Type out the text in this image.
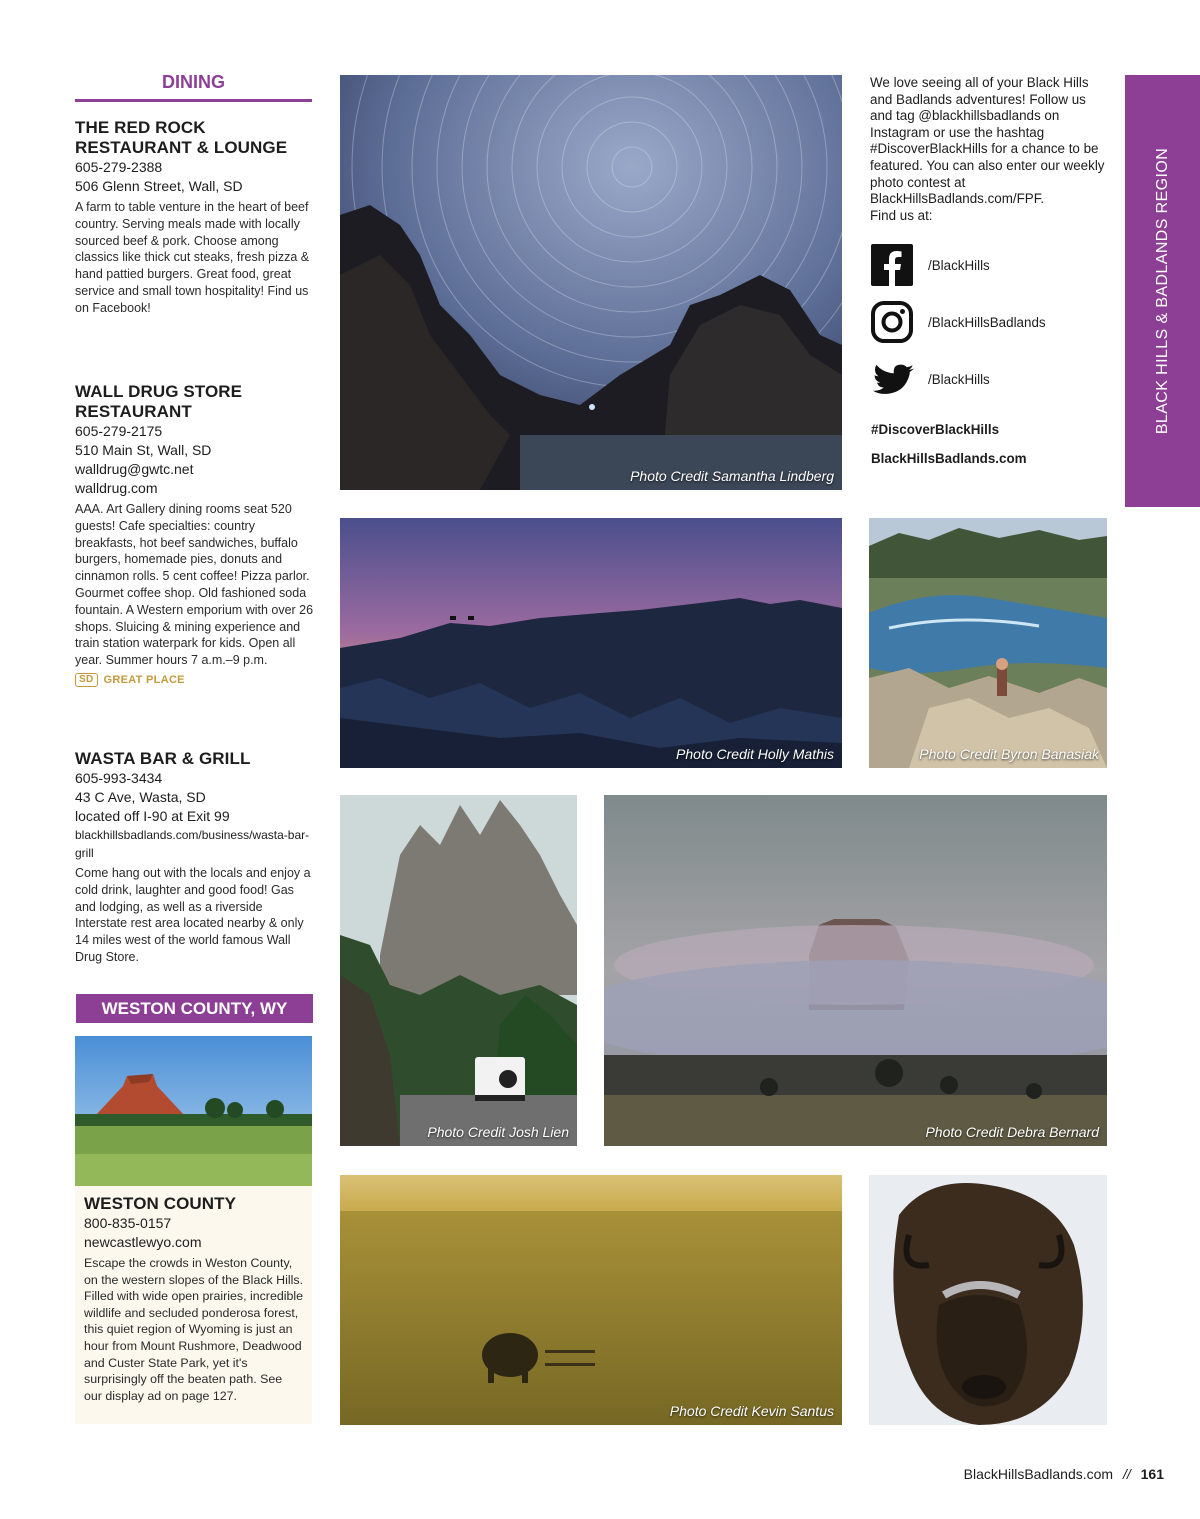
DINING
THE RED ROCK RESTAURANT & LOUNGE
605-279-2388
506 Glenn Street, Wall, SD
A farm to table venture in the heart of beef country. Serving meals made with locally sourced beef & pork. Choose among classics like thick cut steaks, fresh pizza & hand pattied burgers. Great food, great service and small town hospitality! Find us on Facebook!
WALL DRUG STORE RESTAURANT
605-279-2175
510 Main St, Wall, SD
walldrug@gwtc.net
walldrug.com
AAA. Art Gallery dining rooms seat 520 guests! Cafe specialties: country breakfasts, hot beef sandwiches, buffalo burgers, homemade pies, donuts and cinnamon rolls. 5 cent coffee! Pizza parlor. Gourmet coffee shop. Old fashioned soda fountain. A Western emporium with over 26 shops. Sluicing & mining experience and train station waterpark for kids. Open all year. Summer hours 7 a.m.–9 p.m.
SD GREAT PLACE
WASTA BAR & GRILL
605-993-3434
43 C Ave, Wasta, SD
located off I-90 at Exit 99
blackhillsbadlands.com/business/wasta-bar-grill
Come hang out with the locals and enjoy a cold drink, laughter and good food! Gas and lodging, as well as a riverside Interstate rest area located nearby & only 14 miles west of the world famous Wall Drug Store.
WESTON COUNTY, WY
WESTON COUNTY
800-835-0157
newcastlewyo.com
Escape the crowds in Weston County, on the western slopes of the Black Hills. Filled with wide open prairies, incredible wildlife and secluded ponderosa forest, this quiet region of Wyoming is just an hour from Mount Rushmore, Deadwood and Custer State Park, yet it's surprisingly off the beaten path. See our display ad on page 127.
Photo Credit Samantha Lindberg
Photo Credit Holly Mathis	Photo Credit Byron Banasiak
Photo Credit Josh Lien	Photo Credit Debra Bernard
Photo Credit Kevin Santus
We love seeing all of your Black Hills and Badlands adventures! Follow us and tag @blackhillsbadlands on Instagram or use the hashtag #DiscoverBlackHills for a chance to be featured. You can also enter our weekly photo contest at BlackHillsBadlands.com/FPF.
Find us at:
/BlackHills
/BlackHillsBadlands
/BlackHills
#DiscoverBlackHills
BlackHillsBadlands.com
BLACK HILLS & BADLANDS REGION
BlackHillsBadlands.com // 161
